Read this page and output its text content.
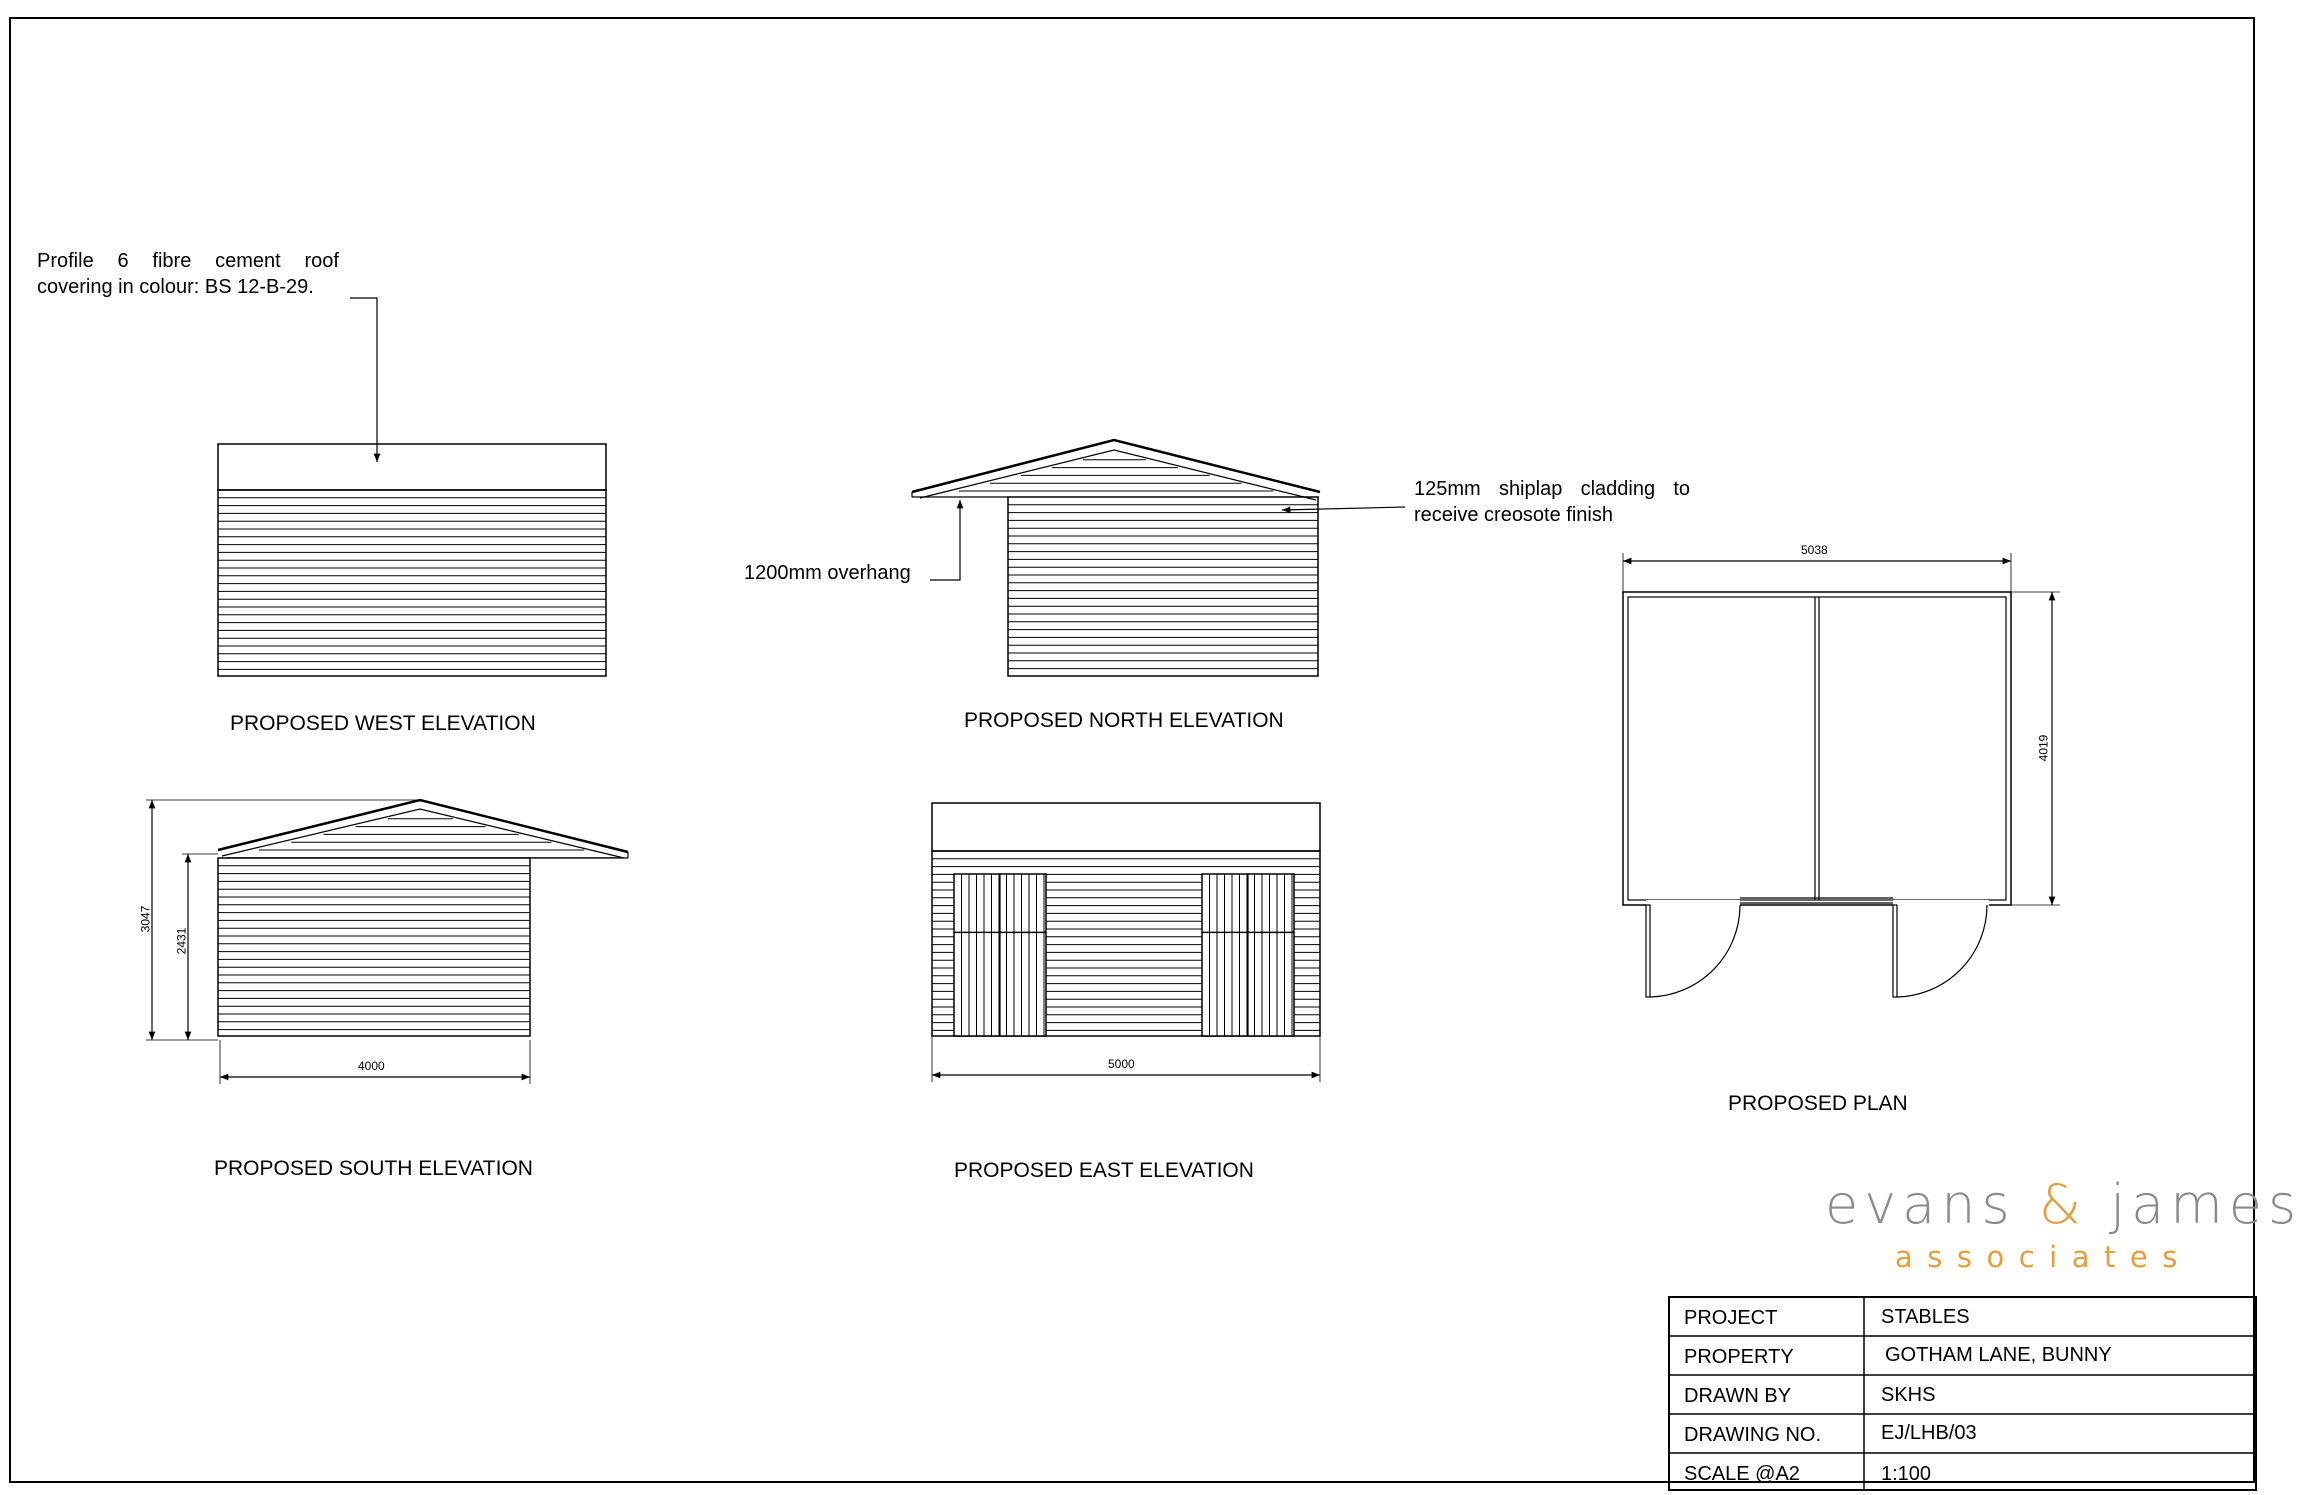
Profile 6 fibre cement roof
covering in colour: BS 12-B-29.
125mm shiplap cladding to
receive creosote finish
1200mm overhang
PROPOSED WEST ELEVATION	PROPOSED NORTH ELEVATION
PROPOSED SOUTH ELEVATION	PROPOSED EAST ELEVATION
PROPOSED PLAN
3047
2431
4000	5000
5038
4019
evans & james
associates
PROJECT	STABLES
PROPERTY	GOTHAM LANE, BUNNY
DRAWN BY	SKHS
DRAWING NO.	EJ/LHB/03
SCALE @A2	1:100
